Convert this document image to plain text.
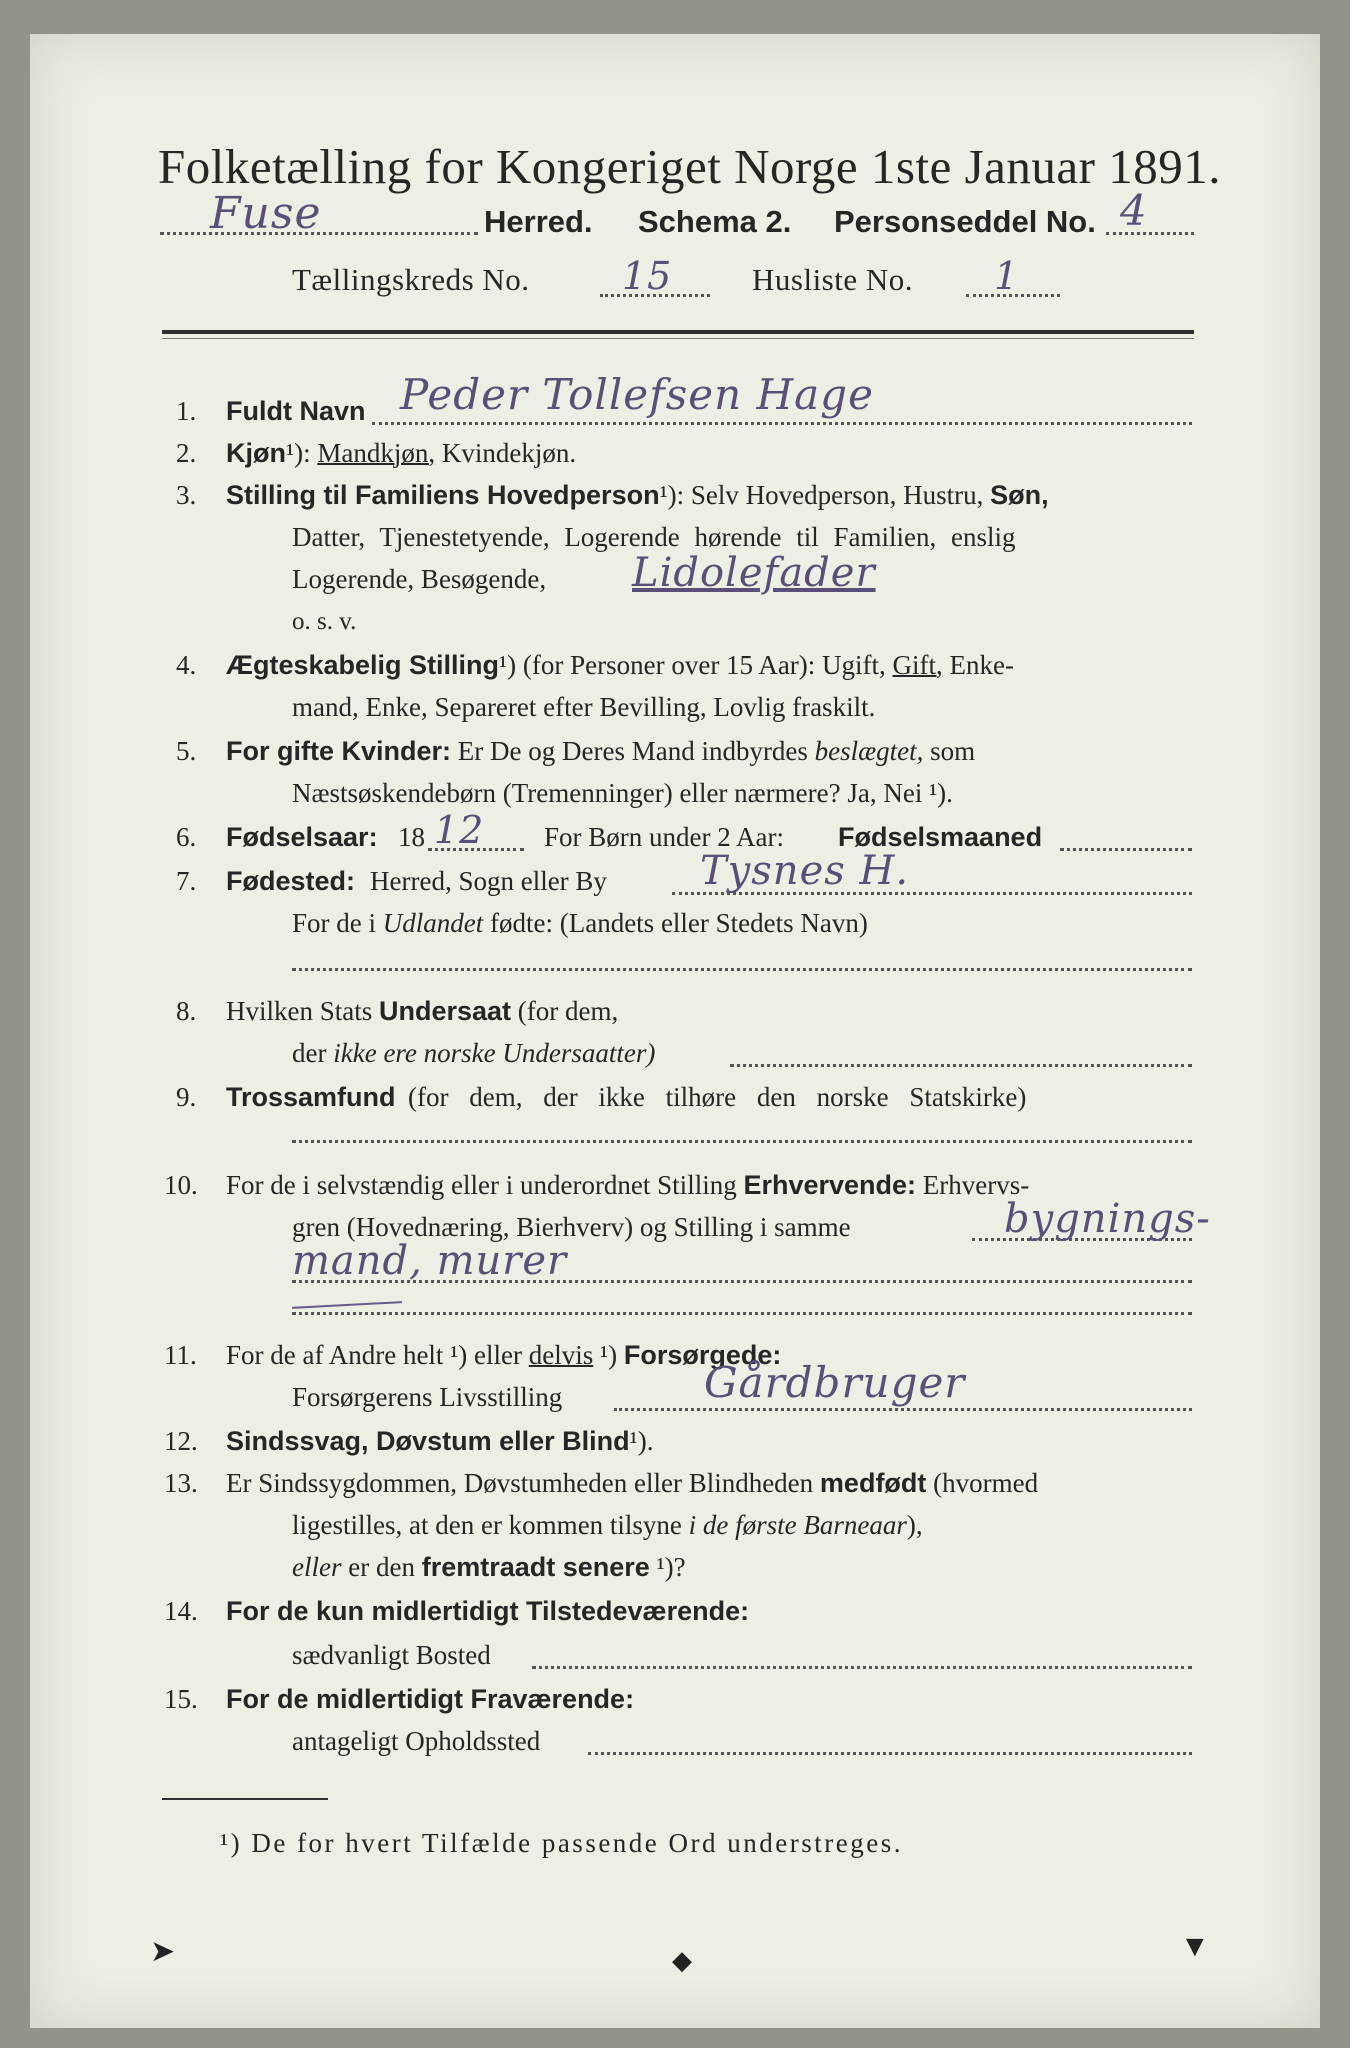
Folketælling for Kongeriget Norge 1ste Januar 1891.
Fuse	Herred. Schema 2. Personseddel No. 4
Tællingskreds No. 15	Husliste No. 1
1. Fuldt Navn Peder Tollefsen Hage
2. Kjøn¹): Mandkjøn, Kvindekjøn.
3. Stilling til Familiens Hovedperson¹): Selv Hovedperson, Hustru, Søn,
Datter, Tjenestetyende, Logerende hørende til Familien, enslig
Logerende, Besøgende, Lidolefader
o. s. v.
4. Ægteskabelig Stilling¹) (for Personer over 15 Aar): Ugift, Gift, Enke-
mand, Enke, Separeret efter Bevilling, Lovlig fraskilt.
5. For gifte Kvinder: Er De og Deres Mand indbyrdes beslægtet, som
Næstsøskendebørn (Tremenninger) eller nærmere? Ja, Nei ¹).
6. Fødselsaar: 18 12 For Børn under 2 Aar: Fødselsmaaned
7. Fødested: Herred, Sogn eller By Tysnes H.
For de i Udlandet fødte: (Landets eller Stedets Navn)
8. Hvilken Stats Undersaat (for dem,
der ikke ere norske Undersaatter)
9. Trossamfund (for dem, der ikke tilhøre den norske Statskirke)
10. For de i selvstændig eller i underordnet Stilling Erhvervende: Erhvervs-
gren (Hovednæring, Bierhverv) og Stilling i samme	bygnings-
mand, murer
11. For de af Andre helt ¹) eller delvis ¹) Forsørgede:
Forsørgerens Livsstilling	Gårdbruger
12. Sindssvag, Døvstum eller Blind¹).
13. Er Sindssygdommen, Døvstumheden eller Blindheden medfødt (hvormed
ligestilles, at den er kommen tilsyne i de første Barneaar),
eller er den fremtraadt senere ¹)?
14. For de kun midlertidigt Tilstedeværende:
sædvanligt Bosted
15. For de midlertidigt Fraværende:
antageligt Opholdssted
¹) De for hvert Tilfælde passende Ord understreges.
➤	◆	▼
